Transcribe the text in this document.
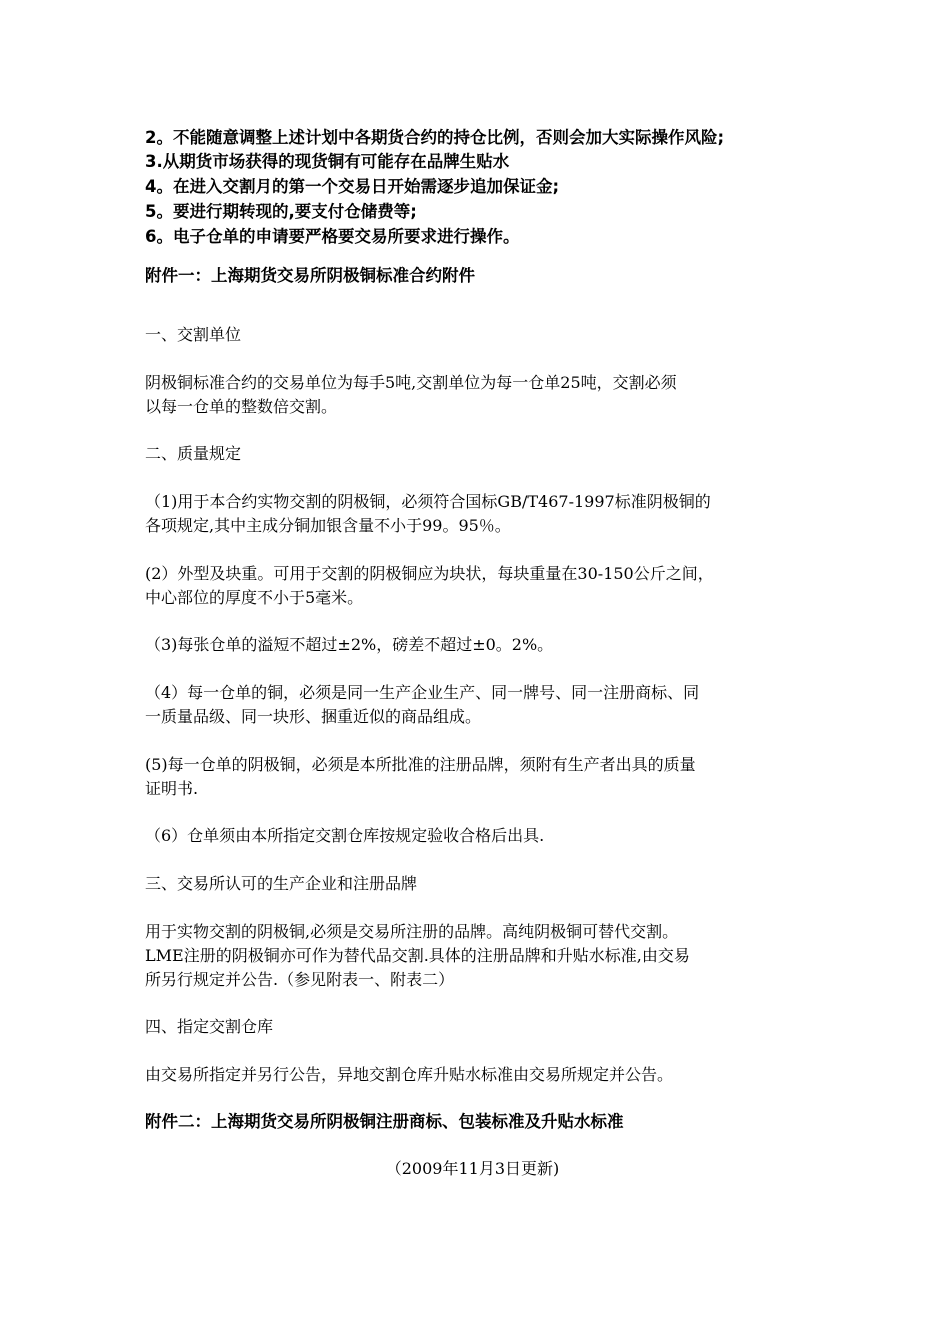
2。不能随意调整上述计划中各期货合约的持仓比例，否则会加大实际操作风险;
3.从期货市场获得的现货铜有可能存在品牌生贴水
4。在进入交割月的第一个交易日开始需逐步追加保证金;
5。要进行期转现的,要支付仓储费等;
6。电子仓单的申请要严格要交易所要求进行操作。
附件一：上海期货交易所阴极铜标准合约附件
一、交割单位
阴极铜标准合约的交易单位为每手5吨,交割单位为每一仓单25吨，交割必须
以每一仓单的整数倍交割。
二、质量规定
（1)用于本合约实物交割的阴极铜，必须符合国标GB/T467-1997标准阴极铜的
各项规定,其中主成分铜加银含量不小于99。95％。
(2）外型及块重。可用于交割的阴极铜应为块状，每块重量在30-150公斤之间，
中心部位的厚度不小于5毫米。
（3)每张仓单的溢短不超过±2%，磅差不超过±0。2%。
（4）每一仓单的铜，必须是同一生产企业生产、同一牌号、同一注册商标、同
一质量品级、同一块形、捆重近似的商品组成。
(5)每一仓单的阴极铜，必须是本所批准的注册品牌，须附有生产者出具的质量
证明书.
（6）仓单须由本所指定交割仓库按规定验收合格后出具.
三、交易所认可的生产企业和注册品牌
用于实物交割的阴极铜,必须是交易所注册的品牌。高纯阴极铜可替代交割。
LME注册的阴极铜亦可作为替代品交割.具体的注册品牌和升贴水标准,由交易
所另行规定并公告.（参见附表一、附表二）
四、指定交割仓库
由交易所指定并另行公告，异地交割仓库升贴水标准由交易所规定并公告。
附件二：上海期货交易所阴极铜注册商标、包装标准及升贴水标准
（2009年11月3日更新)
